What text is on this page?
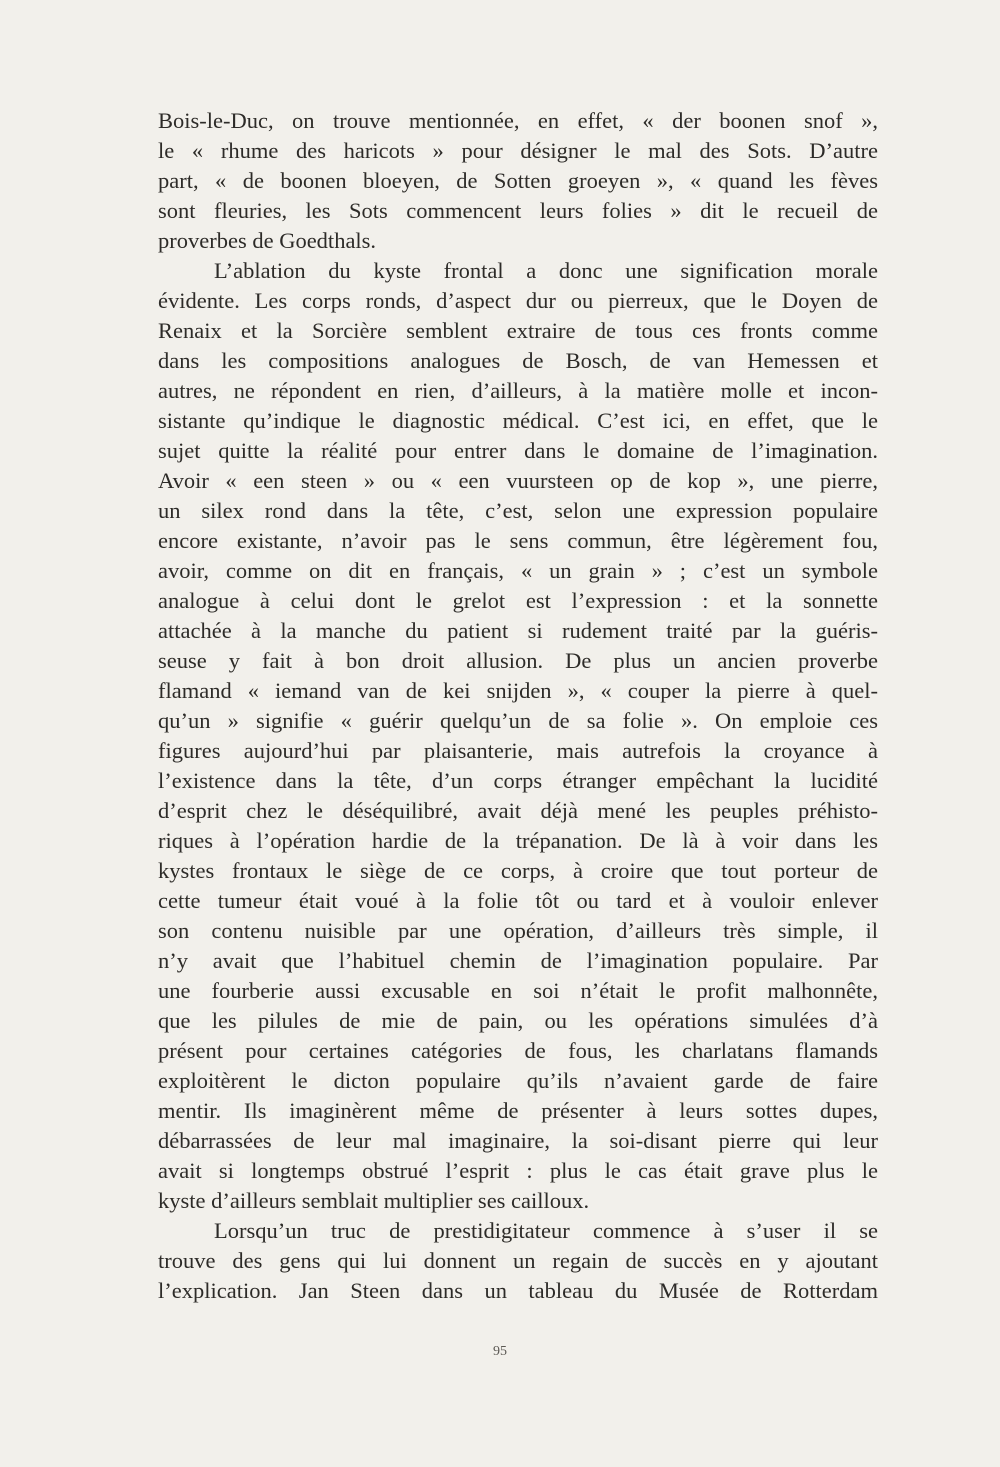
Bois-le-Duc, on trouve mentionnée, en effet, « der boonen snof »,
le « rhume des haricots » pour désigner le mal des Sots. D’autre
part, « de boonen bloeyen, de Sotten groeyen », « quand les fèves
sont fleuries, les Sots commencent leurs folies » dit le recueil de
proverbes de Goedthals.
L’ablation du kyste frontal a donc une signification morale
évidente. Les corps ronds, d’aspect dur ou pierreux, que le Doyen de
Renaix et la Sorcière semblent extraire de tous ces fronts comme
dans les compositions analogues de Bosch, de van Hemessen et
autres, ne répondent en rien, d’ailleurs, à la matière molle et incon-
sistante qu’indique le diagnostic médical. C’est ici, en effet, que le
sujet quitte la réalité pour entrer dans le domaine de l’imagination.
Avoir « een steen » ou « een vuursteen op de kop », une pierre,
un silex rond dans la tête, c’est, selon une expression populaire
encore existante, n’avoir pas le sens commun, être légèrement fou,
avoir, comme on dit en français, « un grain » ; c’est un symbole
analogue à celui dont le grelot est l’expression : et la sonnette
attachée à la manche du patient si rudement traité par la guéris-
seuse y fait à bon droit allusion. De plus un ancien proverbe
flamand « iemand van de kei snijden », « couper la pierre à quel-
qu’un » signifie « guérir quelqu’un de sa folie ». On emploie ces
figures aujourd’hui par plaisanterie, mais autrefois la croyance à
l’existence dans la tête, d’un corps étranger empêchant la lucidité
d’esprit chez le déséquilibré, avait déjà mené les peuples préhisto-
riques à l’opération hardie de la trépanation. De là à voir dans les
kystes frontaux le siège de ce corps, à croire que tout porteur de
cette tumeur était voué à la folie tôt ou tard et à vouloir enlever
son contenu nuisible par une opération, d’ailleurs très simple, il
n’y avait que l’habituel chemin de l’imagination populaire. Par
une fourberie aussi excusable en soi n’était le profit malhonnête,
que les pilules de mie de pain, ou les opérations simulées d’à
présent pour certaines catégories de fous, les charlatans flamands
exploitèrent le dicton populaire qu’ils n’avaient garde de faire
mentir. Ils imaginèrent même de présenter à leurs sottes dupes,
débarrassées de leur mal imaginaire, la soi-disant pierre qui leur
avait si longtemps obstrué l’esprit : plus le cas était grave plus le
kyste d’ailleurs semblait multiplier ses cailloux.
Lorsqu’un truc de prestidigitateur commence à s’user il se
trouve des gens qui lui donnent un regain de succès en y ajoutant
l’explication. Jan Steen dans un tableau du Musée de Rotterdam
95
